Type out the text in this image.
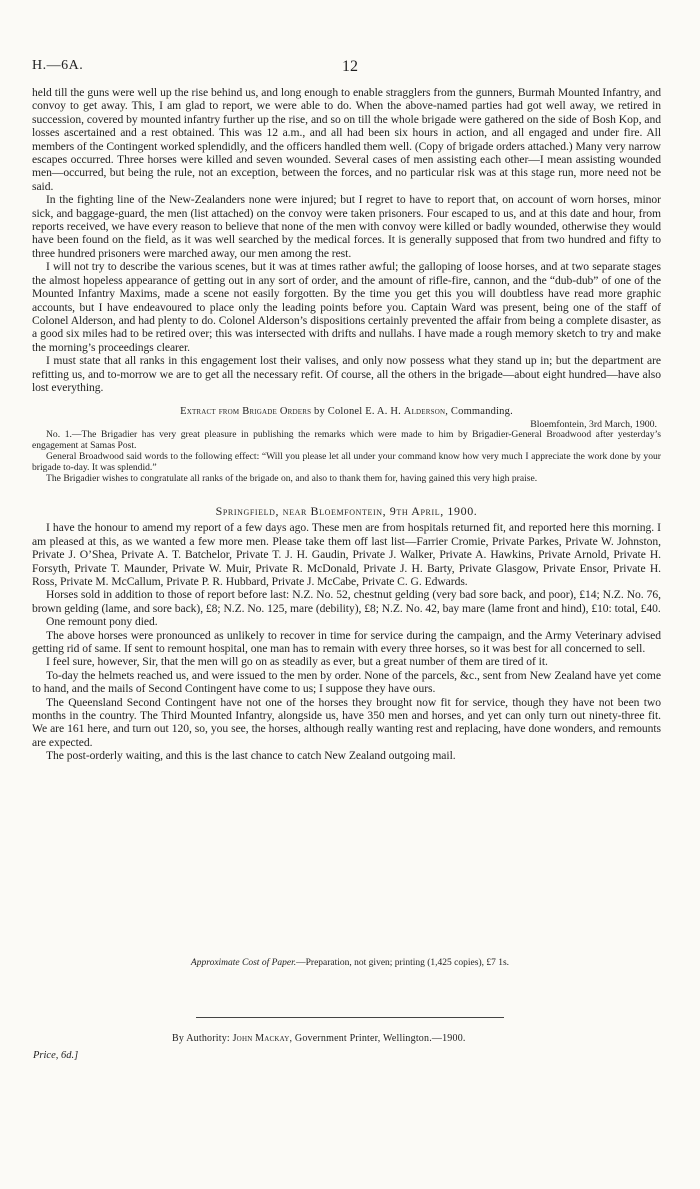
H.—6A.	12

held till the guns were well up the rise behind us, and long enough to enable stragglers from the gunners, Burmah Mounted Infantry, and convoy to get away. This, I am glad to report, we were able to do. When the above-named parties had got well away, we retired in succession, covered by mounted infantry further up the rise, and so on till the whole brigade were gathered on the side of Bosh Kop, and losses ascertained and a rest obtained. This was 12 a.m., and all had been six hours in action, and all engaged and under fire. All members of the Contingent worked splendidly, and the officers handled them well. (Copy of brigade orders attached.) Many very narrow escapes occurred. Three horses were killed and seven wounded. Several cases of men assisting each other—I mean assisting wounded men—occurred, but being the rule, not an exception, between the forces, and no particular risk was at this stage run, more need not be said.

In the fighting line of the New-Zealanders none were injured; but I regret to have to report that, on account of worn horses, minor sick, and baggage-guard, the men (list attached) on the convoy were taken prisoners. Four escaped to us, and at this date and hour, from reports received, we have every reason to believe that none of the men with convoy were killed or badly wounded, otherwise they would have been found on the field, as it was well searched by the medical forces. It is generally supposed that from two hundred and fifty to three hundred prisoners were marched away, our men among the rest.

I will not try to describe the various scenes, but it was at times rather awful; the galloping of loose horses, and at two separate stages the almost hopeless appearance of getting out in any sort of order, and the amount of rifle-fire, cannon, and the “dub-dub” of one of the Mounted Infantry Maxims, made a scene not easily forgotten. By the time you get this you will doubtless have read more graphic accounts, but I have endeavoured to place only the leading points before you. Captain Ward was present, being one of the staff of Colonel Alderson, and had plenty to do. Colonel Alderson’s dispositions certainly prevented the affair from being a complete disaster, as a good six miles had to be retired over; this was intersected with drifts and nullahs. I have made a rough memory sketch to try and make the morning’s proceedings clearer.

I must state that all ranks in this engagement lost their valises, and only now possess what they stand up in; but the department are refitting us, and to-morrow we are to get all the necessary refit. Of course, all the others in the brigade—about eight hundred—have also lost everything.

Extract from Brigade Orders by Colonel E. A. H. Alderson, Commanding.
Bloemfontein, 3rd March, 1900.

No. 1.—The Brigadier has very great pleasure in publishing the remarks which were made to him by Brigadier-General Broadwood after yesterday’s engagement at Samas Post.

General Broadwood said words to the following effect: “Will you please let all under your command know how very much I appreciate the work done by your brigade to-day. It was splendid.”

The Brigadier wishes to congratulate all ranks of the brigade on, and also to thank them for, having gained this very high praise.

Springfield, near Bloemfontein, 9th April, 1900.

I have the honour to amend my report of a few days ago. These men are from hospitals returned fit, and reported here this morning. I am pleased at this, as we wanted a few more men. Please take them off last list—Farrier Cromie, Private Parkes, Private W. Johnston, Private J. O’Shea, Private A. T. Batchelor, Private T. J. H. Gaudin, Private J. Walker, Private A. Hawkins, Private Arnold, Private H. Forsyth, Private T. Maunder, Private W. Muir, Private R. McDonald, Private J. H. Barty, Private Glasgow, Private Ensor, Private H. Ross, Private M. McCallum, Private P. R. Hubbard, Private J. McCabe, Private C. G. Edwards.

Horses sold in addition to those of report before last: N.Z. No. 52, chestnut gelding (very bad sore back, and poor), £14; N.Z. No. 76, brown gelding (lame, and sore back), £8; N.Z. No. 125, mare (debility), £8; N.Z. No. 42, bay mare (lame front and hind), £10: total, £40.

One remount pony died.

The above horses were pronounced as unlikely to recover in time for service during the campaign, and the Army Veterinary advised getting rid of same. If sent to remount hospital, one man has to remain with every three horses, so it was best for all concerned to sell.

I feel sure, however, Sir, that the men will go on as steadily as ever, but a great number of them are tired of it.

To-day the helmets reached us, and were issued to the men by order. None of the parcels, &c., sent from New Zealand have yet come to hand, and the mails of Second Contingent have come to us; I suppose they have ours.

The Queensland Second Contingent have not one of the horses they brought now fit for service, though they have not been two months in the country. The Third Mounted Infantry, alongside us, have 350 men and horses, and yet can only turn out ninety-three fit. We are 161 here, and turn out 120, so, you see, the horses, although really wanting rest and replacing, have done wonders, and remounts are expected.

The post-orderly waiting, and this is the last chance to catch New Zealand outgoing mail.

Approximate Cost of Paper.—Preparation, not given; printing (1,425 copies), £7 1s.
By Authority: John Mackay, Government Printer, Wellington.—1900.
Price, 6d.]
